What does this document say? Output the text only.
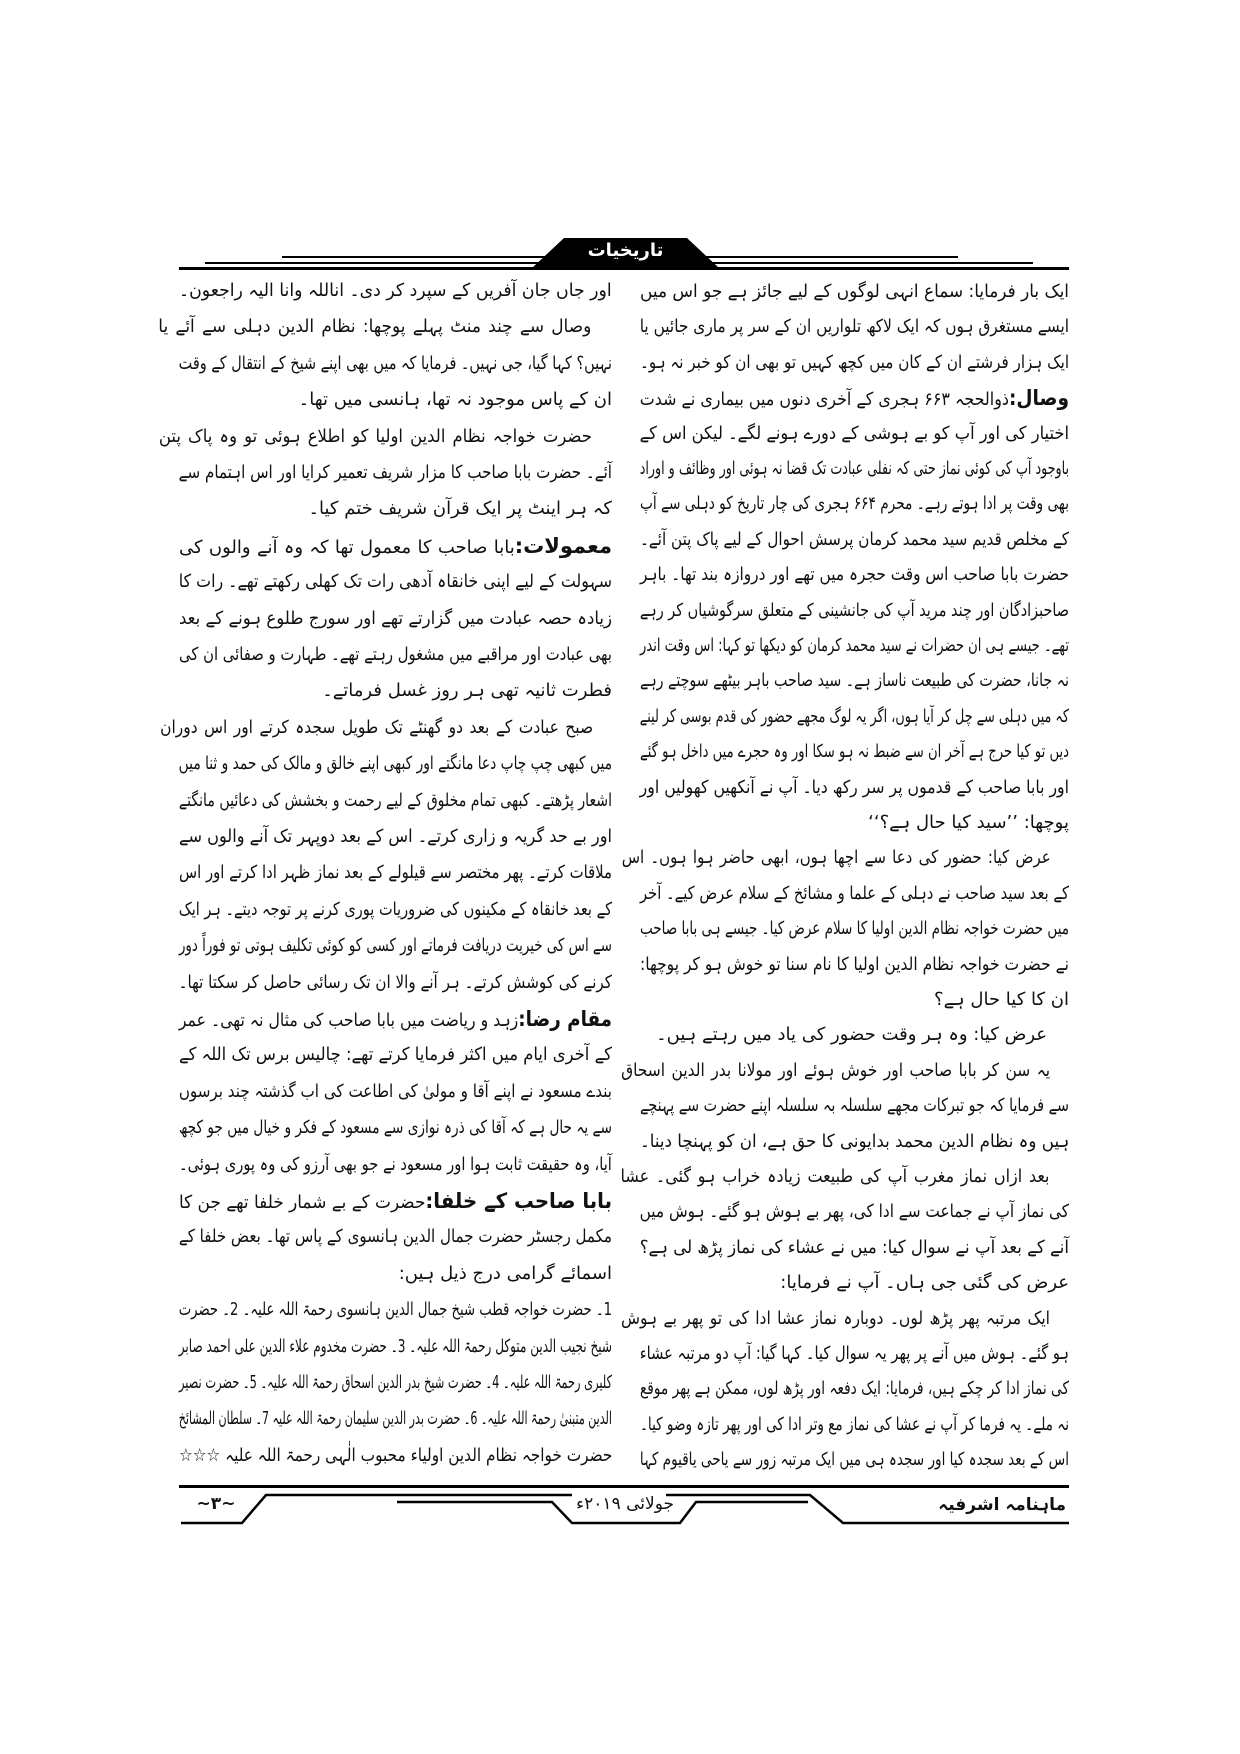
تاریخیات
ایک بار فرمایا: سماع انہی لوگوں کے لیے جائز ہے جو اس میں
ایسے مستغرق ہوں کہ ایک لاکھ تلواریں ان کے سر پر ماری جائیں یا
ایک ہزار فرشتے ان کے کان میں کچھ کہیں تو بھی ان کو خبر نہ ہو۔
وصال:ذوالحجہ ۶۶۳ ہجری کے آخری دنوں میں بیماری نے شدت
اختیار کی اور آپ کو بے ہوشی کے دورے ہونے لگے۔ لیکن اس کے
باوجود آپ کی کوئی نماز حتی کہ نفلی عبادت تک قضا نہ ہوئی اور وظائف و اوراد
بھی وقت پر ادا ہوتے رہے۔ محرم ۶۶۴ ہجری کی چار تاریخ کو دہلی سے آپ
کے مخلص قدیم سید محمد کرمان پرسش احوال کے لیے پاک پتن آئے۔
حضرت بابا صاحب اس وقت حجرہ میں تھے اور دروازہ بند تھا۔ باہر
صاحبزادگان اور چند مرید آپ کی جانشینی کے متعلق سرگوشیاں کر رہے
تھے۔ جیسے ہی ان حضرات نے سید محمد کرمان کو دیکھا تو کہا: اس وقت اندر
نہ جانا، حضرت کی طبیعت ناساز ہے۔ سید صاحب باہر بیٹھے سوچتے رہے
کہ میں دہلی سے چل کر آیا ہوں، اگر یہ لوگ مجھے حضور کی قدم بوسی کر لینے
دیں تو کیا حرج ہے آخر ان سے ضبط نہ ہو سکا اور وہ حجرے میں داخل ہو گئے
اور بابا صاحب کے قدموں پر سر رکھ دیا۔ آپ نے آنکھیں کھولیں اور
پوچھا: ’’سید کیا حال ہے؟‘‘
عرض کیا: حضور کی دعا سے اچھا ہوں، ابھی حاضر ہوا ہوں۔ اس
کے بعد سید صاحب نے دہلی کے علما و مشائخ کے سلام عرض کیے۔ آخر
میں حضرت خواجہ نظام الدین اولیا کا سلام عرض کیا۔ جیسے ہی بابا صاحب
نے حضرت خواجہ نظام الدین اولیا کا نام سنا تو خوش ہو کر پوچھا:
ان کا کیا حال ہے؟
عرض کیا: وہ ہر وقت حضور کی یاد میں رہتے ہیں۔
یہ سن کر بابا صاحب اور خوش ہوئے اور مولانا بدر الدین اسحاق
سے فرمایا کہ جو تبرکات مجھے سلسلہ بہ سلسلہ اپنے حضرت سے پہنچے
ہیں وہ نظام الدین محمد بدایونی کا حق ہے، ان کو پہنچا دینا۔
بعد ازاں نماز مغرب آپ کی طبیعت زیادہ خراب ہو گئی۔ عشا
کی نماز آپ نے جماعت سے ادا کی، پھر بے ہوش ہو گئے۔ ہوش میں
آنے کے بعد آپ نے سوال کیا: میں نے عشاء کی نماز پڑھ لی ہے؟
عرض کی گئی جی ہاں۔ آپ نے فرمایا:
ایک مرتبہ پھر پڑھ لوں۔ دوبارہ نماز عشا ادا کی تو پھر بے ہوش
ہو گئے۔ ہوش میں آنے پر پھر یہ سوال کیا۔ کہا گیا: آپ دو مرتبہ عشاء
کی نماز ادا کر چکے ہیں، فرمایا: ایک دفعہ اور پڑھ لوں، ممکن ہے پھر موقع
نہ ملے۔ یہ فرما کر آپ نے عشا کی نماز مع وتر ادا کی اور پھر تازہ وضو کیا۔
اس کے بعد سجدہ کیا اور سجدہ ہی میں ایک مرتبہ زور سے یاحی یاقیوم کہا
اور جاں جان آفریں کے سپرد کر دی۔ اناللہ وانا الیہ راجعون۔
وصال سے چند منٹ پہلے پوچھا: نظام الدین دہلی سے آئے یا
نہیں؟ کہا گیا، جی نہیں۔ فرمایا کہ میں بھی اپنے شیخ کے انتقال کے وقت
ان کے پاس موجود نہ تھا، ہانسی میں تھا۔
حضرت خواجہ نظام الدین اولیا کو اطلاع ہوئی تو وہ پاک پتن
آئے۔ حضرت بابا صاحب کا مزار شریف تعمیر کرایا اور اس اہتمام سے
کہ ہر اینٹ پر ایک قرآن شریف ختم کیا۔
معمولات:بابا صاحب کا معمول تھا کہ وہ آنے والوں کی
سہولت کے لیے اپنی خانقاہ آدھی رات تک کھلی رکھتے تھے۔ رات کا
زیادہ حصہ عبادت میں گزارتے تھے اور سورج طلوع ہونے کے بعد
بھی عبادت اور مراقبے میں مشغول رہتے تھے۔ طہارت و صفائی ان کی
فطرت ثانیہ تھی ہر روز غسل فرماتے۔
صبح عبادت کے بعد دو گھنٹے تک طویل سجدہ کرتے اور اس دوران
میں کبھی چپ چاپ دعا مانگتے اور کبھی اپنے خالق و مالک کی حمد و ثنا میں
اشعار پڑھتے۔ کبھی تمام مخلوق کے لیے رحمت و بخشش کی دعائیں مانگتے
اور بے حد گریہ و زاری کرتے۔ اس کے بعد دوپہر تک آنے والوں سے
ملاقات کرتے۔ پھر مختصر سے قیلولے کے بعد نماز ظہر ادا کرتے اور اس
کے بعد خانقاہ کے مکینوں کی ضروریات پوری کرنے پر توجہ دیتے۔ ہر ایک
سے اس کی خیریت دریافت فرماتے اور کسی کو کوئی تکلیف ہوتی تو فوراً دور
کرنے کی کوشش کرتے۔ ہر آنے والا ان تک رسائی حاصل کر سکتا تھا۔
مقام رضا:زہد و ریاضت میں بابا صاحب کی مثال نہ تھی۔ عمر
کے آخری ایام میں اکثر فرمایا کرتے تھے: چالیس برس تک اللہ کے
بندے مسعود نے اپنے آقا و مولیٰ کی اطاعت کی اب گذشتہ چند برسوں
سے یہ حال ہے کہ آقا کی ذرہ نوازی سے مسعود کے فکر و خیال میں جو کچھ
آیا، وہ حقیقت ثابت ہوا اور مسعود نے جو بھی آرزو کی وہ پوری ہوئی۔
بابا صاحب کے خلفا:حضرت کے بے شمار خلفا تھے جن کا
مکمل رجسٹر حضرت جمال الدین ہانسوی کے پاس تھا۔ بعض خلفا کے
اسمائے گرامی درج ذیل ہیں:
1۔ حضرت خواجہ قطب شیخ جمال الدین ہانسوی رحمۃ اللہ علیہ۔ 2۔ حضرت
شیخ نجیب الدین متوکل رحمۃ اللہ علیہ۔ 3۔ حضرت مخدوم علاء الدین علی احمد صابر
کلیری رحمۃ اللہ علیہ۔ 4۔ حضرت شیخ بدر الدین اسحاق رحمۃ اللہ علیہ۔ 5۔ حضرت نصیر
الدین متبنیٰ رحمۃ اللہ علیہ۔ 6۔ حضرت بدر الدین سلیمان رحمۃ اللہ علیہ 7۔ سلطان المشائخ
حضرت خواجہ نظام الدین اولیاء محبوب الٰہی رحمۃ اللہ علیہ ☆☆☆
ماہنامہ اشرفیہ
جولائی ۲۰۱۹ء
~۳~
